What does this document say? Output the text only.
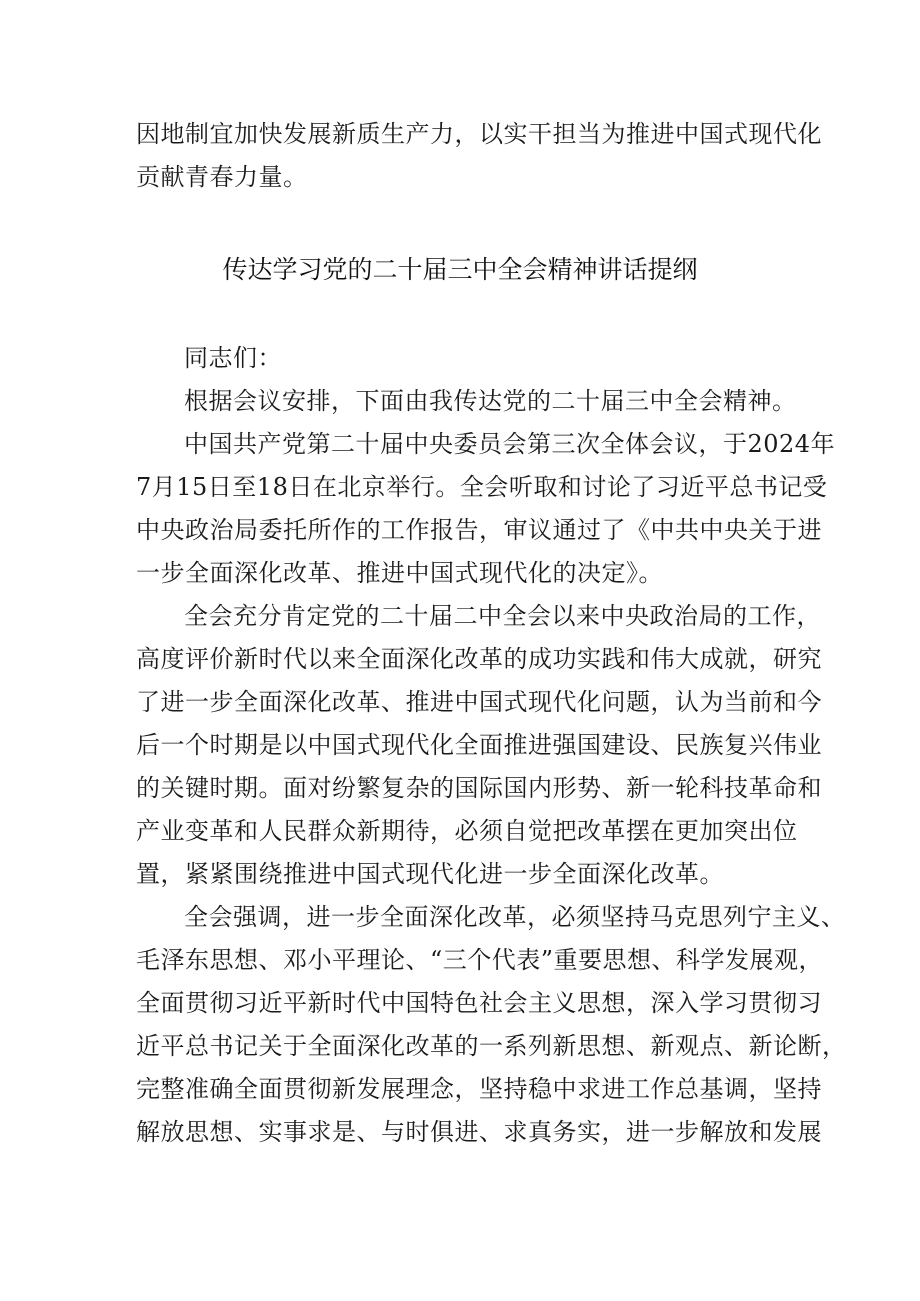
因地制宜加快发展新质生产力，以实干担当为推进中国式现代化
贡献青春力量。
传达学习党的二十届三中全会精神讲话提纲
同志们：
根据会议安排，下面由我传达党的二十届三中全会精神。
中国共产党第二十届中央委员会第三次全体会议，于2024年
7月15日至18日在北京举行。全会听取和讨论了习近平总书记受
中央政治局委托所作的工作报告，审议通过了《中共中央关于进
一步全面深化改革、推进中国式现代化的决定》。
全会充分肯定党的二十届二中全会以来中央政治局的工作，
高度评价新时代以来全面深化改革的成功实践和伟大成就，研究
了进一步全面深化改革、推进中国式现代化问题，认为当前和今
后一个时期是以中国式现代化全面推进强国建设、民族复兴伟业
的关键时期。面对纷繁复杂的国际国内形势、新一轮科技革命和
产业变革和人民群众新期待，必须自觉把改革摆在更加突出位
置，紧紧围绕推进中国式现代化进一步全面深化改革。
全会强调，进一步全面深化改革，必须坚持马克思列宁主义、
毛泽东思想、邓小平理论、“三个代表”重要思想、科学发展观，
全面贯彻习近平新时代中国特色社会主义思想，深入学习贯彻习
近平总书记关于全面深化改革的一系列新思想、新观点、新论断，
完整准确全面贯彻新发展理念，坚持稳中求进工作总基调，坚持
解放思想、实事求是、与时俱进、求真务实，进一步解放和发展
